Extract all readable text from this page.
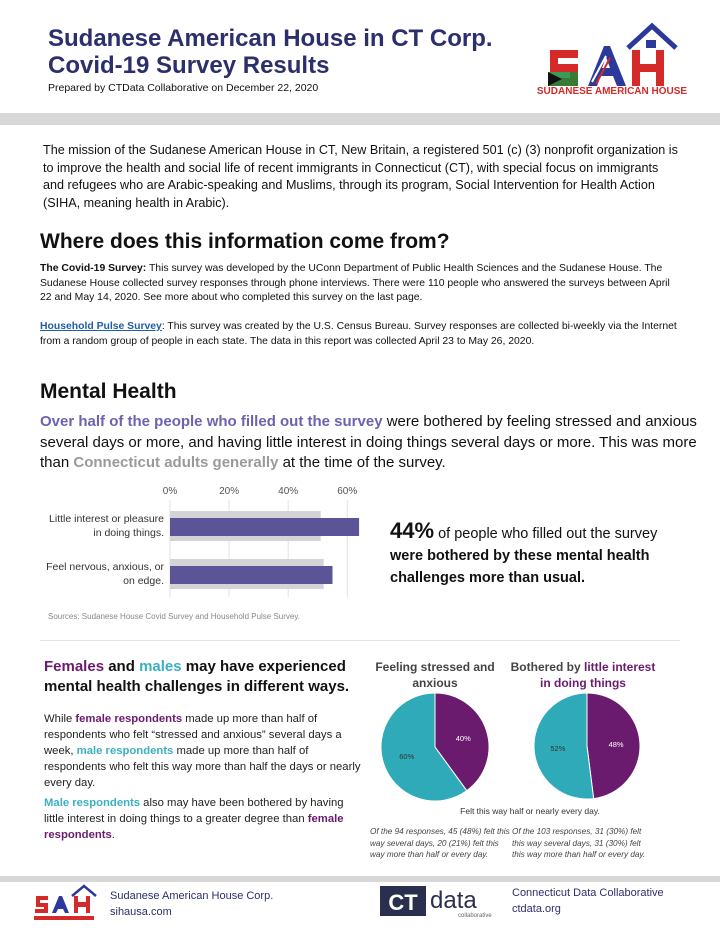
Sudanese American House in CT Corp.
Covid-19 Survey Results
Prepared by CTData Collaborative on December 22, 2020	SUDANESE AMERICAN HOUSE

The mission of the Sudanese American House in CT, New Britain, a registered 501 (c) (3) nonprofit organization is to improve the health and social life of recent immigrants in Connecticut (CT), with special focus on immigrants and refugees who are Arabic-speaking and Muslims, through its program, Social Intervention for Health Action (SIHA, meaning health in Arabic).

Where does this information come from?

The Covid-19 Survey: This survey was developed by the UConn Department of Public Health Sciences and the Sudanese House. The Sudanese House collected survey responses through phone interviews. There were 110 people who answered the surveys between April 22 and May 14, 2020. See more about who completed this survey on the last page.

Household Pulse Survey: This survey was created by the U.S. Census Bureau. Survey responses are collected bi-weekly via the Internet from a random group of people in each state. The data in this report was collected April 23 to May 26, 2020.

Mental Health

Over half of the people who filled out the survey were bothered by feeling stressed and anxious several days or more, and having little interest in doing things several days or more. This was more than Connecticut adults generally at the time of the survey.

0%	20%	40%	60%
Little interest or pleasure
in doing things.
Feel nervous, anxious, or
on edge.
Sources: Sudanese House Covid Survey and Household Pulse Survey.
44% of people who filled out the survey
were bothered by these mental health challenges more than usual.
Females and males may have experienced mental health challenges in different ways.

While female respondents made up more than half of respondents who felt “stressed and anxious” several days a week, male respondents made up more than half of respondents who felt this way more than half the days or nearly every day.

Male respondents also may have been bothered by having little interest in doing things to a greater degree than female respondents.

Feeling stressed and anxious
Bothered by little interest in doing things
40%
60%
48%
52%
Felt this way half or nearly every day.
Of the 94 responses, 45 (48%) felt this way several days, 20 (21%) felt this way more than half or every day.
Of the 103 responses, 31 (30%) felt this way several days, 31 (30%) felt this way more than half or every day.
Sudanese American House Corp.
sihausa.com	CT data
collaborative
Connecticut Data Collaborative
ctdata.org
